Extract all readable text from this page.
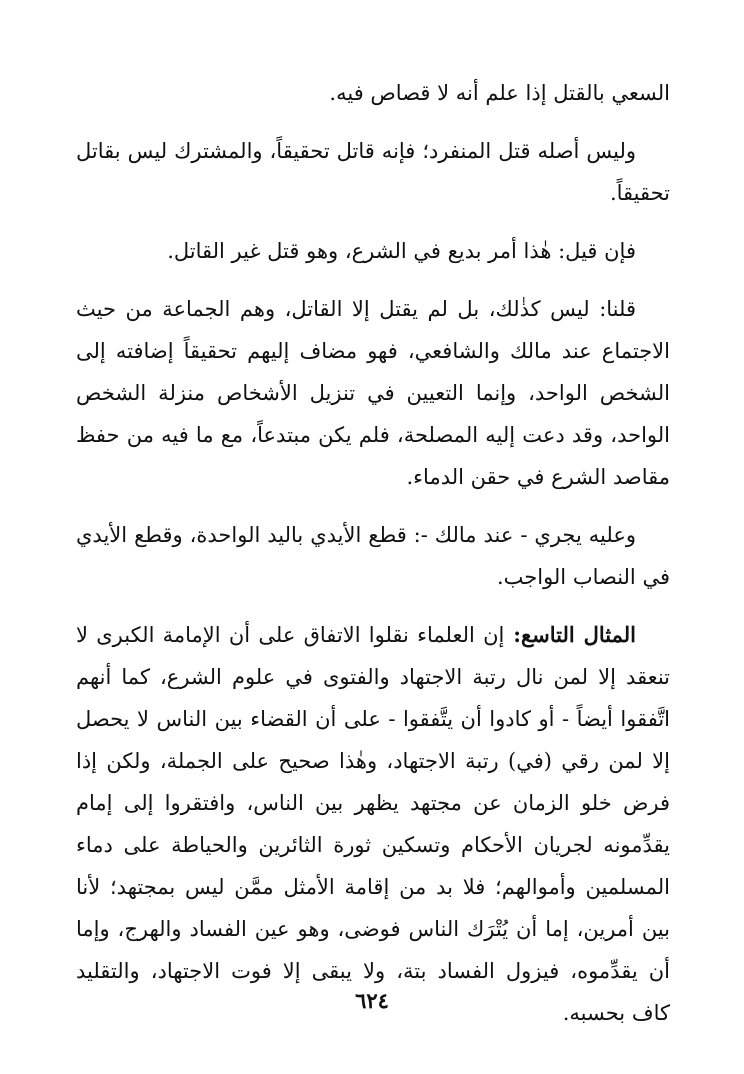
السعي بالقتل إذا علم أنه لا قصاص فيه.

وليس أصله قتل المنفرد؛ فإنه قاتل تحقيقاً، والمشترك ليس بقاتل تحقيقاً.

فإن قيل: هٰذا أمر بديع في الشرع، وهو قتل غير القاتل.

قلنا: ليس كذٰلك، بل لم يقتل إلا القاتل، وهم الجماعة من حيث الاجتماع عند مالك والشافعي، فهو مضاف إليهم تحقيقاً إضافته إلى الشخص الواحد، وإنما التعيين في تنزيل الأشخاص منزلة الشخص الواحد، وقد دعت إليه المصلحة، فلم يكن مبتدعاً، مع ما فيه من حفظ مقاصد الشرع في حقن الدماء.

وعليه يجري - عند مالك -: قطع الأيدي باليد الواحدة، وقطع الأيدي في النصاب الواجب.

المثال التاسع: إن العلماء نقلوا الاتفاق على أن الإمامة الكبرى لا تنعقد إلا لمن نال رتبة الاجتهاد والفتوى في علوم الشرع، كما أنهم اتَّفقوا أيضاً - أو كادوا أن يتَّفقوا - على أن القضاء بين الناس لا يحصل إلا لمن رقي (في) رتبة الاجتهاد، وهٰذا صحيح على الجملة، ولكن إذا فرض خلو الزمان عن مجتهد يظهر بين الناس، وافتقروا إلى إمام يقدِّمونه لجريان الأحكام وتسكين ثورة الثائرين والحياطة على دماء المسلمين وأموالهم؛ فلا بد من إقامة الأمثل ممَّن ليس بمجتهد؛ لأنا بين أمرين، إما أن يُتْرَك الناس فوضى، وهو عين الفساد والهرج، وإما أن يقدِّموه، فيزول الفساد بتة، ولا يبقى إلا فوت الاجتهاد، والتقليد كاف بحسبه.

٦٢٤
